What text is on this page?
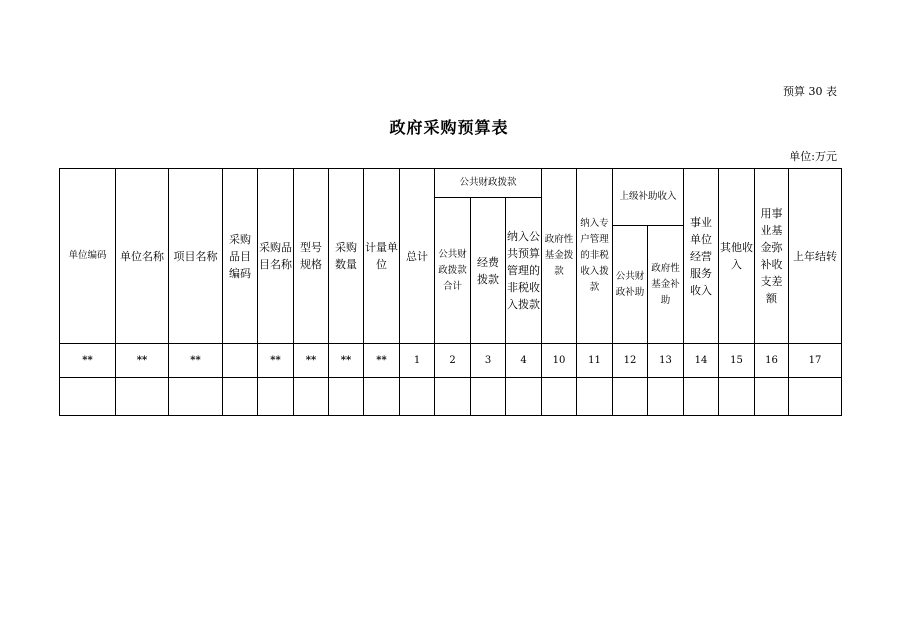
预算 30 表
政府采购预算表
单位:万元
单位编码	单位名称	项目名称	采购品目编码	采购品目名称	型号规格	采购数量	计量单位	总计	公共财政拨款			政府性基金拨款	纳入专户管理的非税收入拨款	上级补助收入		事业单位经营服务收入	其他收入	用事业基金弥补收支差额	上年结转
									公共财政拨款合计	经费拨款	纳入公共预算管理的非税收入拨款								
														公共财政补助	政府性基金补助				
**	**	**		**	**	**	**	1	2	3	4	10	11	12	13	14	15	16	17
